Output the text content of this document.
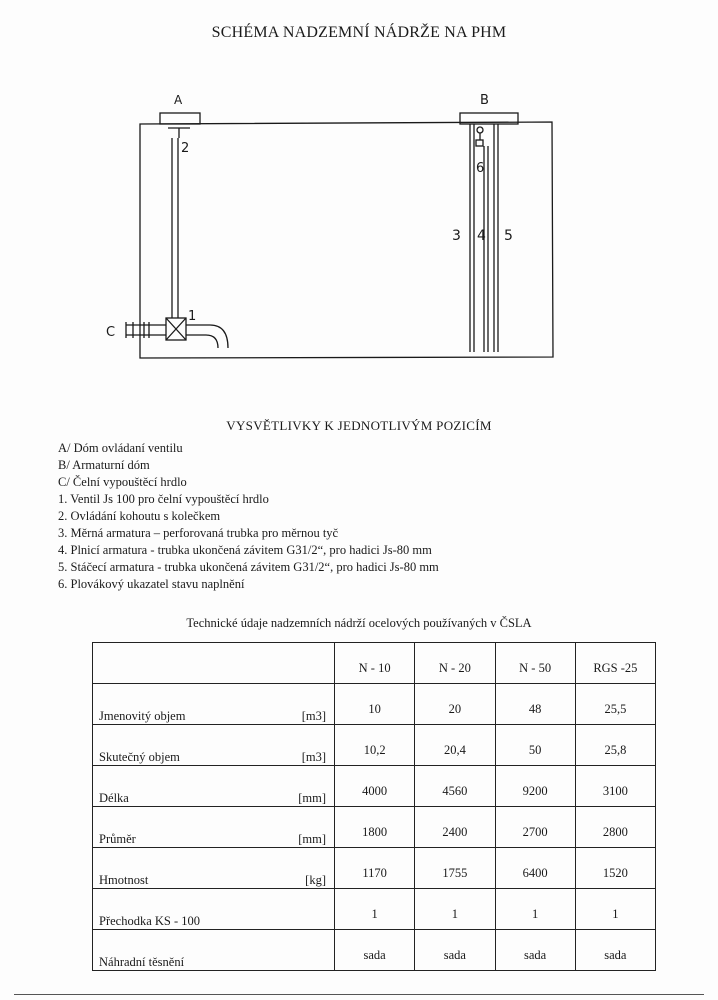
SCHÉMA NADZEMNÍ NÁDRŽE NA PHM
A	B
C
1
2
3 4 5
6
VYSVĚTLIVKY K JEDNOTLIVÝM POZICÍM
A/ Dóm ovládaní ventilu
B/ Armaturní dóm
C/ Čelní vypouštěcí hrdlo
1. Ventil Js 100 pro čelní vypouštěcí hrdlo
2. Ovládání kohoutu s kolečkem
3. Měrná armatura – perforovaná trubka pro měrnou tyč
4. Plnicí armatura - trubka ukončená závitem G31/2“, pro hadici Js-80 mm
5. Stáčecí armatura - trubka ukončená závitem G31/2“, pro hadici Js-80 mm
6. Plovákový ukazatel stavu naplnění
Technické údaje nadzemních nádrží ocelových používaných v ČSLA
	N - 10	N - 20	N - 50	RGS -25

Jmenovitý objem [m3]	10	20	48	25,5

Skutečný objem [m3]	10,2	20,4	50	25,8

Délka [mm]	4000	4560	9200	3100

Průměr [mm]	1800	2400	2700	2800

Hmotnost [kg]	1170	1755	6400	1520

Přechodka KS - 100	1	1	1	1

Náhradní těsnění	sada	sada	sada	sada
